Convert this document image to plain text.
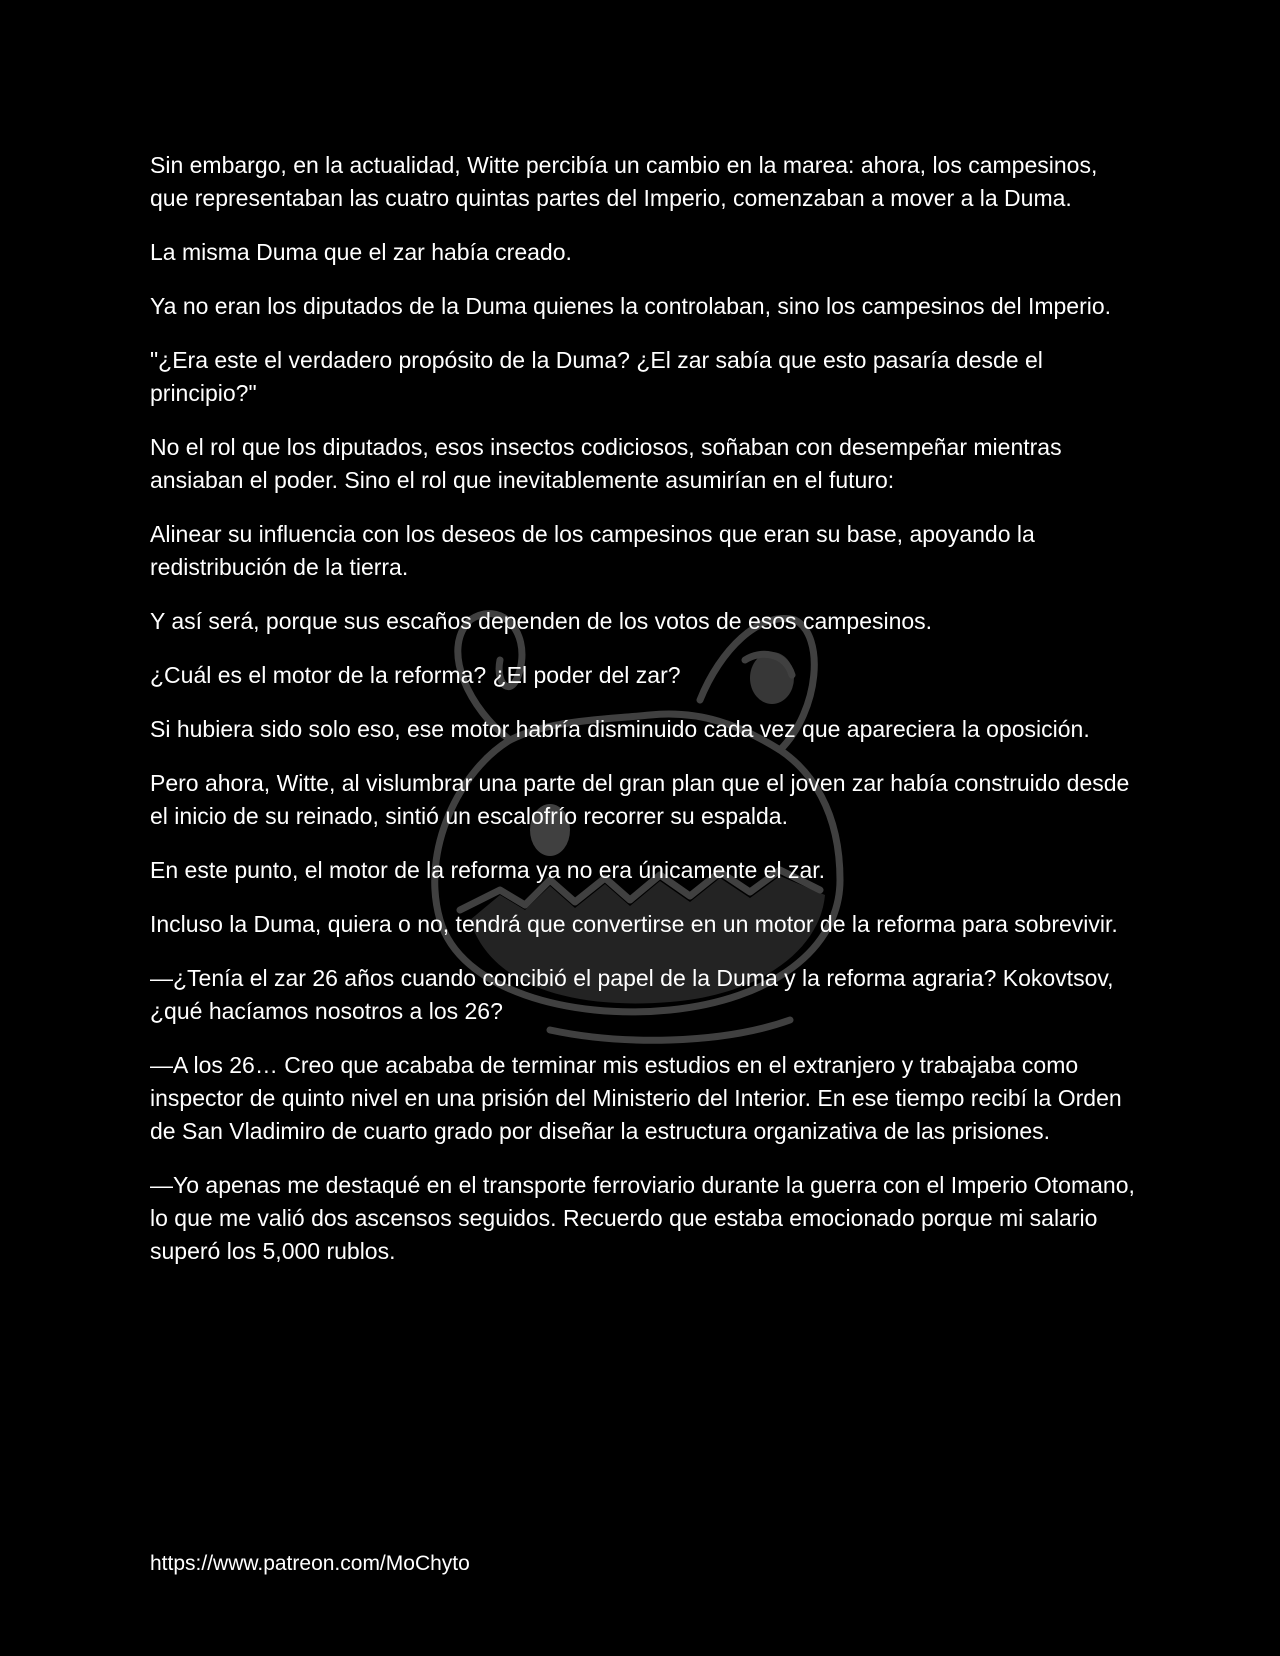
Sin embargo, en la actualidad, Witte percibía un cambio en la marea: ahora, los campesinos, que representaban las cuatro quintas partes del Imperio, comenzaban a mover a la Duma.

La misma Duma que el zar había creado.

Ya no eran los diputados de la Duma quienes la controlaban, sino los campesinos del Imperio.

"¿Era este el verdadero propósito de la Duma? ¿El zar sabía que esto pasaría desde el principio?"

No el rol que los diputados, esos insectos codiciosos, soñaban con desempeñar mientras ansiaban el poder. Sino el rol que inevitablemente asumirían en el futuro:

Alinear su influencia con los deseos de los campesinos que eran su base, apoyando la redistribución de la tierra.

Y así será, porque sus escaños dependen de los votos de esos campesinos.

¿Cuál es el motor de la reforma? ¿El poder del zar?

Si hubiera sido solo eso, ese motor habría disminuido cada vez que apareciera la oposición.

Pero ahora, Witte, al vislumbrar una parte del gran plan que el joven zar había construido desde el inicio de su reinado, sintió un escalofrío recorrer su espalda.

En este punto, el motor de la reforma ya no era únicamente el zar.

Incluso la Duma, quiera o no, tendrá que convertirse en un motor de la reforma para sobrevivir.

—¿Tenía el zar 26 años cuando concibió el papel de la Duma y la reforma agraria? Kokovtsov, ¿qué hacíamos nosotros a los 26?

—A los 26… Creo que acababa de terminar mis estudios en el extranjero y trabajaba como inspector de quinto nivel en una prisión del Ministerio del Interior. En ese tiempo recibí la Orden de San Vladimiro de cuarto grado por diseñar la estructura organizativa de las prisiones.

—Yo apenas me destaqué en el transporte ferroviario durante la guerra con el Imperio Otomano, lo que me valió dos ascensos seguidos. Recuerdo que estaba emocionado porque mi salario superó los 5,000 rublos.

https://www.patreon.com/MoChyto
